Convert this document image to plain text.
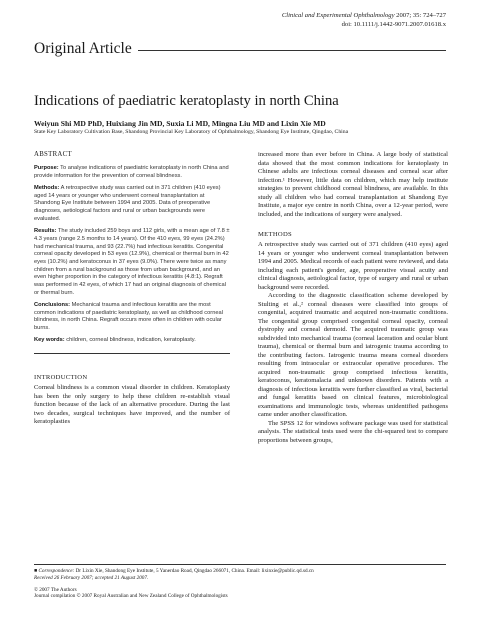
Clinical and Experimental Ophthalmology 2007; 35: 724–727
doi: 10.1111/j.1442-9071.2007.01618.x
Original Article
Indications of paediatric keratoplasty in north China
Weiyun Shi MD PhD, Huixiang Jin MD, Suxia Li MD, Mingna Liu MD and Lixin Xie MD
State Key Laboratory Cultivation Base, Shandong Provincial Key Laboratory of Ophthalmology, Shandong Eye Institute, Qingdao, China
ABSTRACT

Purpose: To analyse indications of paediatric keratoplasty in north China and provide information for the prevention of corneal blindness.

Methods: A retrospective study was carried out in 371 children (410 eyes) aged 14 years or younger who underwent corneal transplantation at Shandong Eye Institute between 1994 and 2005. Data of preoperative diagnoses, aetiological factors and rural or urban backgrounds were evaluated.

Results: The study included 259 boys and 112 girls, with a mean age of 7.8 ± 4.3 years (range 2.5 months to 14 years). Of the 410 eyes, 99 eyes (24.2%) had mechanical trauma, and 93 (22.7%) had infectious keratitis. Congenital corneal opacity developed in 53 eyes (12.9%), chemical or thermal burn in 42 eyes (10.2%) and keratoconus in 37 eyes (9.0%). There were twice as many children from a rural background as those from urban background, and an even higher proportion in the category of infectious keratitis (4.8:1). Regraft was performed in 42 eyes, of which 17 had an original diagnosis of chemical or thermal burn.

Conclusions: Mechanical trauma and infectious keratitis are the most common indications of paediatric keratoplasty, as well as childhood corneal blindness, in north China. Regraft occurs more often in children with ocular burns.

Key words: children, corneal blindness, indication, keratoplasty.

INTRODUCTION

Corneal blindness is a common visual disorder in children. Keratoplasty has been the only surgery to help these children re-establish visual function because of the lack of an alternative procedure. During the last two decades, surgical techniques have improved, and the number of keratoplasties

increased more than ever before in China. A large body of statistical data showed that the most common indications for keratoplasty in Chinese adults are infectious corneal diseases and corneal scar after infection.¹ However, little data on children, which may help institute strategies to prevent childhood corneal blindness, are available. In this study all children who had corneal transplantation at Shandong Eye Institute, a major eye centre in north China, over a 12-year period, were included, and the indications of surgery were analysed.

METHODS

A retrospective study was carried out of 371 children (410 eyes) aged 14 years or younger who underwent corneal transplantation between 1994 and 2005. Medical records of each patient were reviewed, and data including each patient's gender, age, preoperative visual acuity and clinical diagnosis, aetiological factor, type of surgery and rural or urban background were recorded.

According to the diagnostic classification scheme developed by Stulting et al.,² corneal diseases were classified into groups of congenital, acquired traumatic and acquired non-traumatic conditions. The congenital group comprised congenital corneal opacity, corneal dystrophy and corneal dermoid. The acquired traumatic group was subdivided into mechanical trauma (corneal laceration and ocular blunt trauma), chemical or thermal burn and iatrogenic trauma according to the contributing factors. Iatrogenic trauma means corneal disorders resulting from intraocular or extraocular operative procedures. The acquired non-traumatic group comprised infectious keratitis, keratoconus, keratomalacia and unknown disorders. Patients with a diagnosis of infectious keratitis were further classified as viral, bacterial and fungal keratitis based on clinical features, microbiological examinations and immunologic tests, whereas unidentified pathogens came under another classification.

The SPSS 12 for windows software package was used for statistical analysis. The statistical tests used were the chi-squared test to compare proportions between groups,

■ Correspondence: Dr Lixin Xie, Shandong Eye Institute, 5 Yanerdao Road, Qingdao 266071, China. Email: lixinxie@public.qd.sd.cn
Received 26 February 2007; accepted 21 August 2007.
© 2007 The Authors
Journal compilation © 2007 Royal Australian and New Zealand College of Ophthalmologists
